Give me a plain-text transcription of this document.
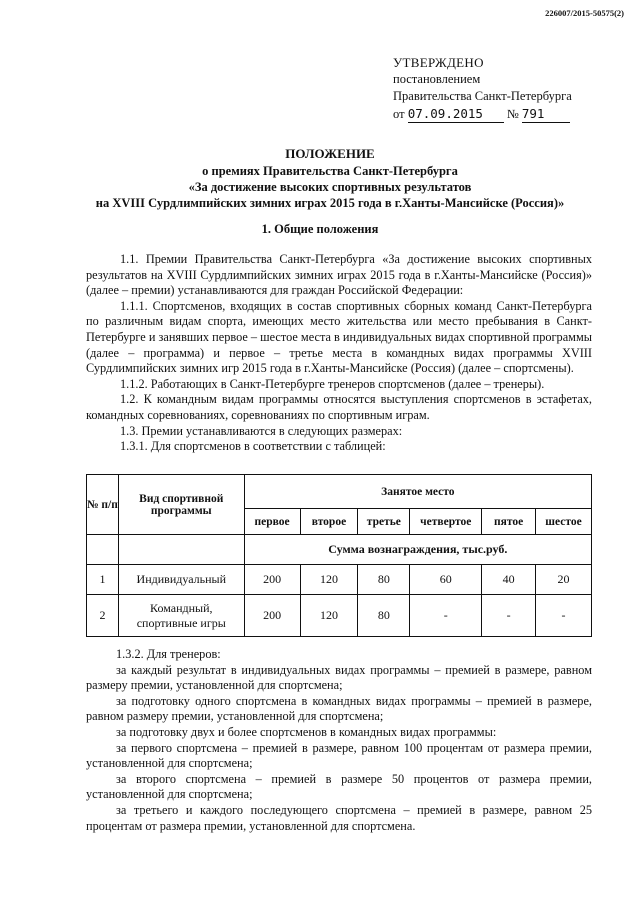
226007/2015-50575(2)
УТВЕРЖДЕНО
постановлением
Правительства Санкт-Петербурга
от 07.09.2015 № 791
ПОЛОЖЕНИЕ
о премиях Правительства Санкт-Петербурга
«За достижение высоких спортивных результатов
на XVIII Сурдлимпийских зимних играх 2015 года в г.Ханты-Мансийске (Россия)»
1. Общие положения

1.1. Премии Правительства Санкт-Петербурга «За достижение высоких спортивных результатов на XVIII Сурдлимпийских зимних играх 2015 года в г.Ханты-Мансийске (Россия)» (далее – премии) устанавливаются для граждан Российской Федерации:

1.1.1. Спортсменов, входящих в состав спортивных сборных команд Санкт-Петербурга по различным видам спорта, имеющих место жительства или место пребывания в Санкт-Петербурге и занявших первое – шестое места в индивидуальных видах спортивной программы (далее – программа) и первое – третье места в командных видах программы XVIII Сурдлимпийских зимних игр 2015 года в г.Ханты-Мансийске (Россия) (далее – спортсмены).

1.1.2. Работающих в Санкт-Петербурге тренеров спортсменов (далее – тренеры).

1.2. К командным видам программы относятся выступления спортсменов в эстафетах, командных соревнованиях, соревнованиях по спортивным играм.

1.3. Премии устанавливаются в следующих размерах:

1.3.1. Для спортсменов в соответствии с таблицей:

№ п/п	Вид спортивной программы	Занятое место					
		первое	второе	третье	четвертое	пятое	шестое
		Сумма вознаграждения, тыс.руб.					
1	Индивидуальный	200	120	80	60	40	20
2	Командный, спортивные игры	200	120	80	-	-	-

1.3.2. Для тренеров:

за каждый результат в индивидуальных видах программы – премией в размере, равном размеру премии, установленной для спортсмена;

за подготовку одного спортсмена в командных видах программы – премией в размере, равном размеру премии, установленной для спортсмена;

за подготовку двух и более спортсменов в командных видах программы:

за первого спортсмена – премией в размере, равном 100 процентам от размера премии, установленной для спортсмена;

за второго спортсмена – премией в размере 50 процентов от размера премии, установленной для спортсмена;

за третьего и каждого последующего спортсмена – премией в размере, равном 25 процентам от размера премии, установленной для спортсмена.
